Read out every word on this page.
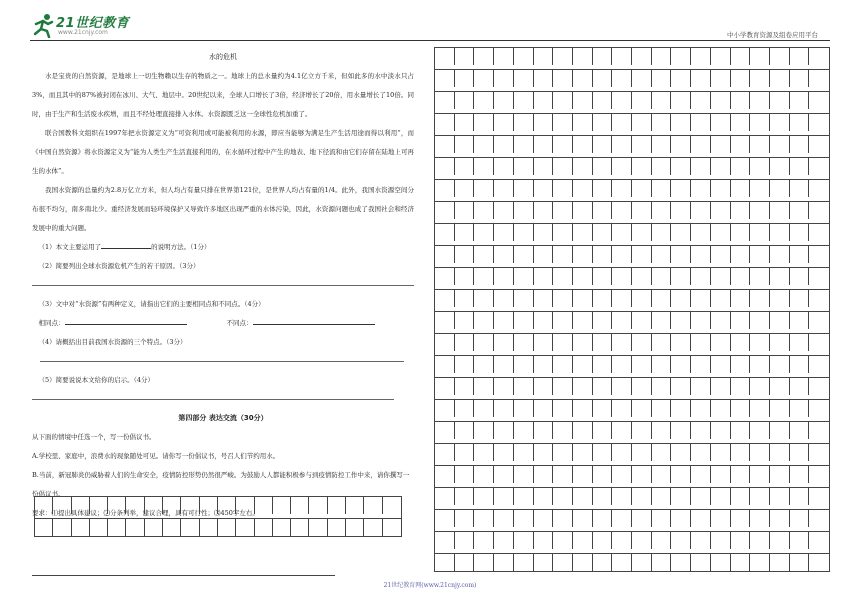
21世纪教育
www.21cnjy.com	中小学教育资源及组卷应用平台
水的危机
水是宝贵的自然资源，是地球上一切生物赖以生存的物质之一。地球上的总水量约为4.1亿立方千米，但如此多的水中淡水只占3%，而且其中的87%被封闭在冰川、大气、地层中。20世纪以来，全球人口增长了3倍，经济增长了20倍，用水量增长了10倍。同时，由于生产和生活废水疾增，而且不经处理直接排入水体。水资源匮乏这一全球性危机加重了。
联合国教科文组织在1997年把水资源定义为“可资利用或可能被利用的水源，即应当能够为满足生产生活用途而得以利用”，而《中国自然资源》将水资源定义为“能为人类生产生活直接利用的，在水循环过程中产生的地表、地下径流和由它们存留在陆地上可再生的水体”。
我国水资源的总量约为2.8万亿立方米，但人均占有量只排在世界第121位，是世界人均占有量的1/4。此外，我国水资源空间分布很不均匀，南多南北少。重经济发展而轻环境保护又导致许多地区出现严重的水体污染，因此，水资源问题也成了我国社会和经济发展中的重大问题。
（1）本文主要运用了	的说明方法。（1分）
（2）简要列出全球水资源危机产生的若干原因。（3分）
（3）文中对“水资源”有两种定义，请指出它们的主要相同点和不同点。（4分）
相同点：	不同点：
（4）请概括出目前我国水资源的三个特点。（3分）
（5）简要说说本文给你的启示。（4分）
第四部分 表达交流（30分）
从下面的情境中任选一个，写一份倡议书。
A.学校里、家庭中，浪费水的现象随处可见。请你写一份倡议书，号召人们节约用水。
B.当前，新冠肺炎仍威胁着人们的生命安全，疫情防控形势仍然很严峻。为鼓励人人都能积极参与到疫情防控工作中来，请你撰写一份倡议书。
要求：⑴提出具体建议；⑵分条列举，建议合理，具有可行性；⑶450字左右。
21世纪教育网(www.21cnjy.com)
